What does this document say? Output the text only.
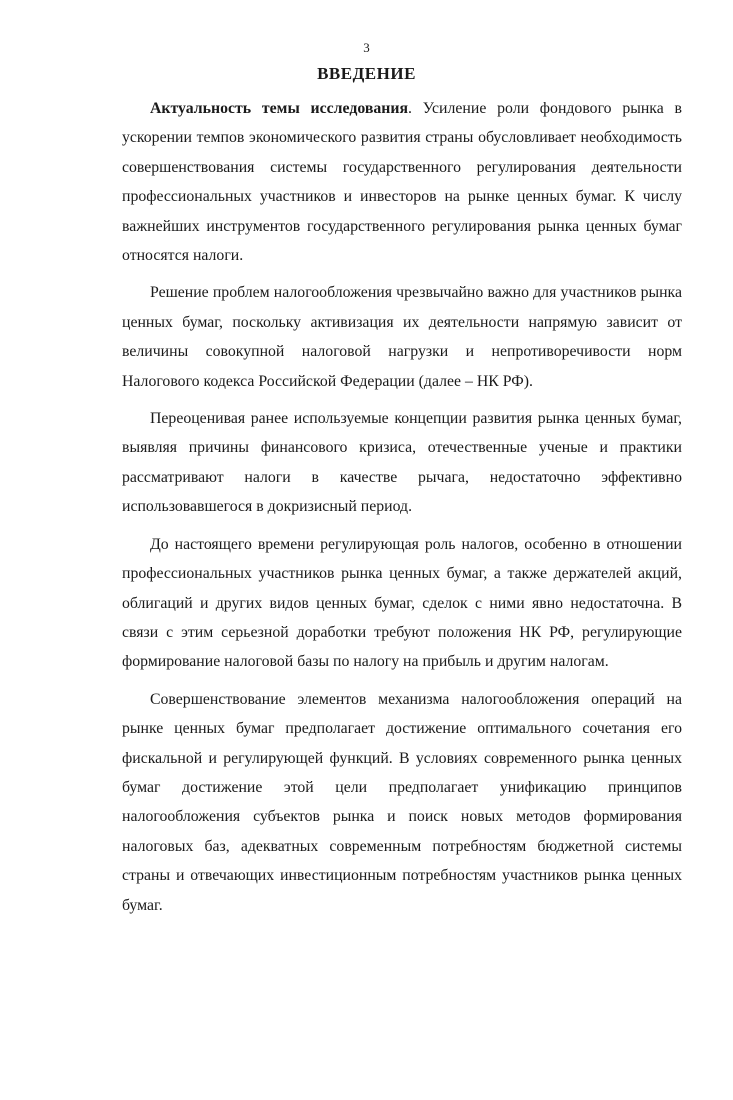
3
ВВЕДЕНИЕ

Актуальность темы исследования. Усиление роли фондового рынка в ускорении темпов экономического развития страны обусловливает необходимость совершенствования системы государственного регулирования деятельности профессиональных участников и инвесторов на рынке ценных бумаг. К числу важнейших инструментов государственного регулирования рынка ценных бумаг относятся налоги.

Решение проблем налогообложения чрезвычайно важно для участников рынка ценных бумаг, поскольку активизация их деятельности напрямую зависит от величины совокупной налоговой нагрузки и непротиворечивости норм Налогового кодекса Российской Федерации (далее – НК РФ).

Переоценивая ранее используемые концепции развития рынка ценных бумаг, выявляя причины финансового кризиса, отечественные ученые и практики рассматривают налоги в качестве рычага, недостаточно эффективно использовавшегося в докризисный период.

До настоящего времени регулирующая роль налогов, особенно в отношении профессиональных участников рынка ценных бумаг, а также держателей акций, облигаций и других видов ценных бумаг, сделок с ними явно недостаточна. В связи с этим серьезной доработки требуют положения НК РФ, регулирующие формирование налоговой базы по налогу на прибыль и другим налогам.

Совершенствование элементов механизма налогообложения операций на рынке ценных бумаг предполагает достижение оптимального сочетания его фискальной и регулирующей функций. В условиях современного рынка ценных бумаг достижение этой цели предполагает унификацию принципов налогообложения субъектов рынка и поиск новых методов формирования налоговых баз, адекватных современным потребностям бюджетной системы страны и отвечающих инвестиционным потребностям участников рынка ценных бумаг.
